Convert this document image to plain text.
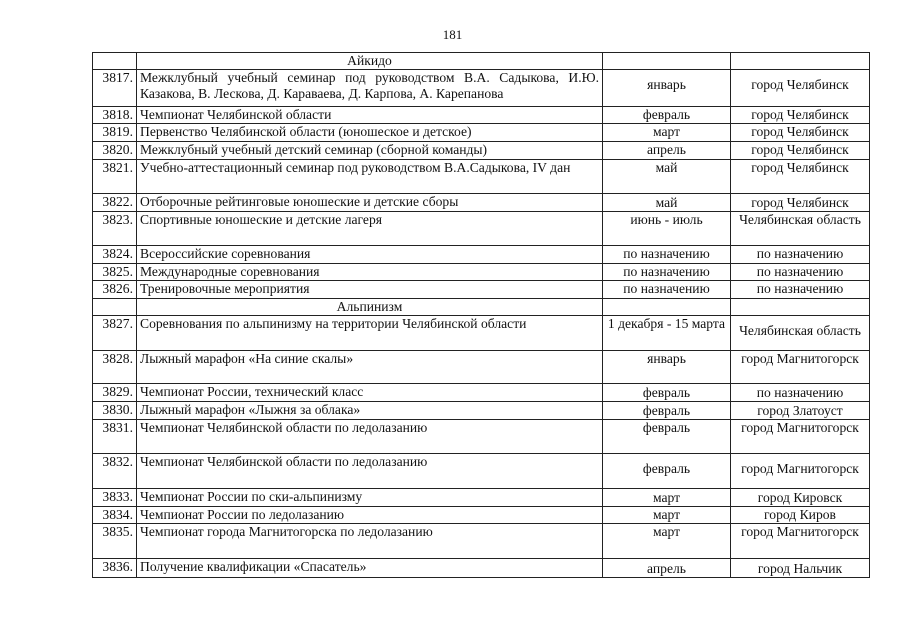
181
	Айкидо		
3817.	Межклубный учебный семинар под руководством В.А. Садыкова, И.Ю. Казакова, В. Лескова, Д. Караваева, Д. Карпова, А. Карепанова	январь	город Челябинск
3818.	Чемпионат Челябинской области	февраль	город Челябинск
3819.	Первенство Челябинской области (юношеское и детское)	март	город Челябинск
3820.	Межклубный учебный детский семинар (сборной команды)	апрель	город Челябинск
3821.	Учебно-аттестационный семинар под руководством В.А.Садыкова, IV дан	май	город Челябинск
3822.	Отборочные рейтинговые юношеские и детские сборы	май	город Челябинск
3823.	Спортивные юношеские и детские лагеря	июнь - июль	Челябинская область
3824.	Всероссийские соревнования	по назначению	по назначению
3825.	Международные соревнования	по назначению	по назначению
3826.	Тренировочные мероприятия	по назначению	по назначению
	Альпинизм		
3827.	Соревнования по альпинизму на территории Челябинской области	1 декабря - 15 марта	Челябинская область
3828.	Лыжный марафон «На синие скалы»	январь	город Магнитогорск
3829.	Чемпионат России, технический класс	февраль	по назначению
3830.	Лыжный марафон «Лыжня за облака»	февраль	город Златоуст
3831.	Чемпионат Челябинской области по ледолазанию	февраль	город Магнитогорск
3832.	Чемпионат Челябинской области по ледолазанию	февраль	город Магнитогорск
3833.	Чемпионат России по ски-альпинизму	март	город Кировск
3834.	Чемпионат России по ледолазанию	март	город Киров
3835.	Чемпионат города Магнитогорска по ледолазанию	март	город Магнитогорск
3836.	Получение квалификации «Спасатель»	апрель	город Нальчик
